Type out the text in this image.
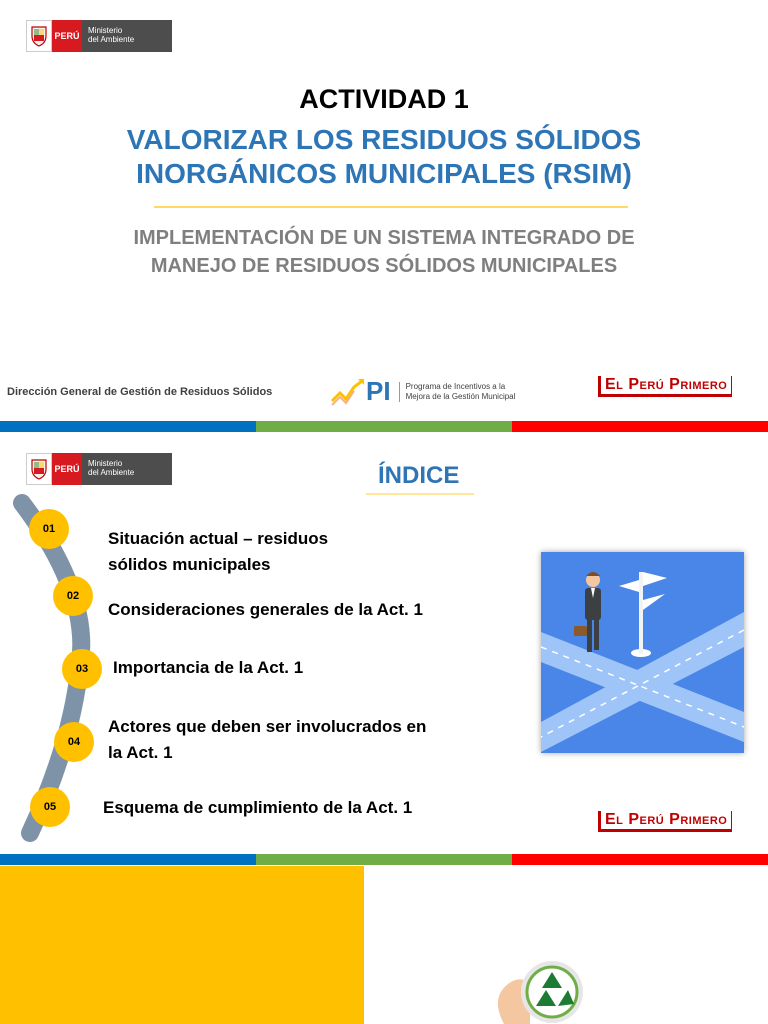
PERÚ
Ministerio
del Ambiente
ACTIVIDAD 1
VALORIZAR LOS RESIDUOS SÓLIDOS
INORGÁNICOS MUNICIPALES (RSIM)
IMPLEMENTACIÓN DE UN SISTEMA INTEGRADO DE
MANEJO DE RESIDUOS SÓLIDOS MUNICIPALES
Dirección General de Gestión de Residuos Sólidos	PI Programa de Incentivos a la
Mejora de la Gestión Municipal
El Perú Primero
PERÚ
Ministerio
del Ambiente	ÍNDICE
01	Situación actual – residuos
sólidos municipales
02
Consideraciones generales de la Act. 1
03	Importancia de la Act. 1
04
Actores que deben ser involucrados en
la Act. 1
05	Esquema de cumplimiento de la Act. 1
El Perú Primero
